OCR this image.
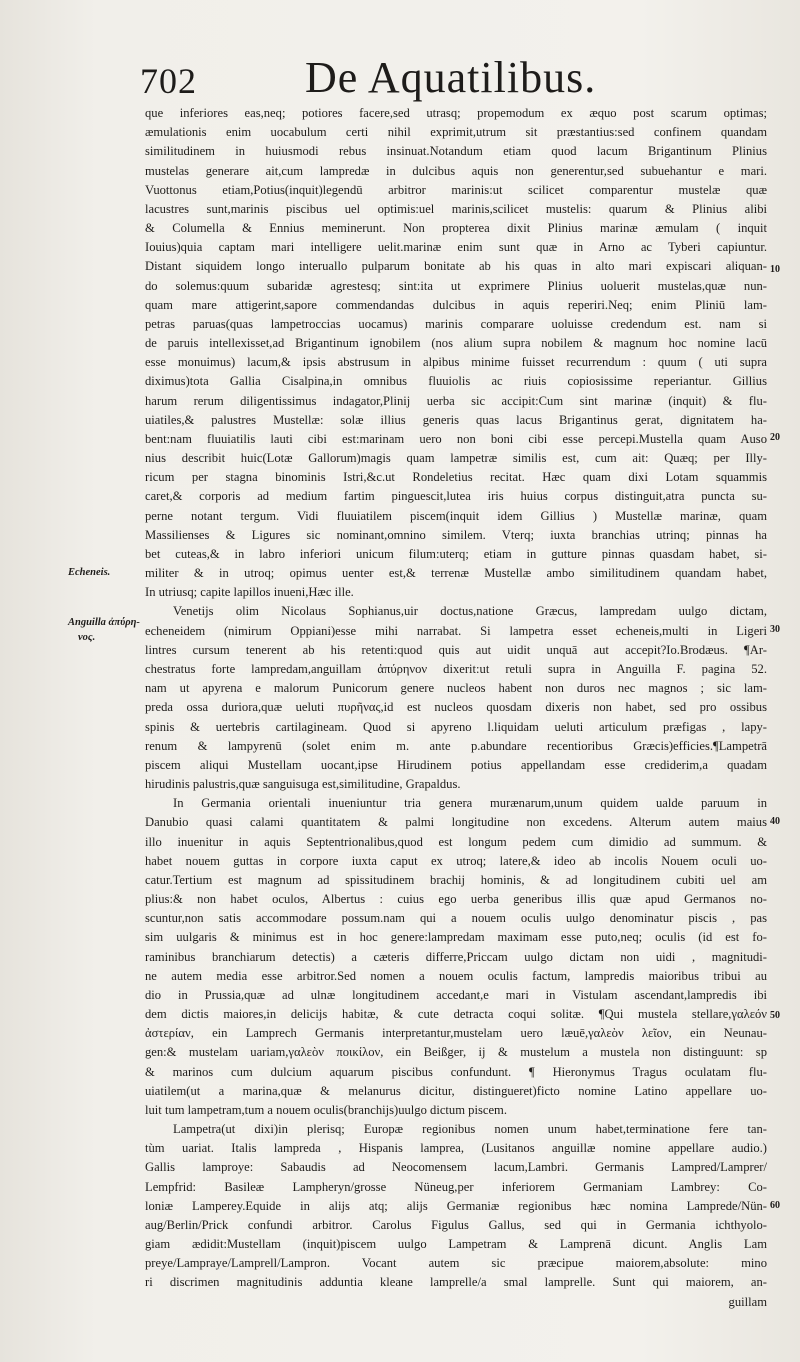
702 De Aquatilibus.
Echeneis.
Anguilla ἀπύρη-
νος.
10
20
30
40
50
60
que inferiores eas,neq; potiores facere,sed utrasq; propemodum ex æquo post scarum optimas;
æmulationis enim uocabulum certi nihil exprimit,utrum sit præstantius:sed confinem quandam
similitudinem in huiusmodi rebus insinuat.Notandum etiam quod lacum Brigantinum Plinius
mustelas generare ait,cum lampredæ in dulcibus aquis non generentur,sed subuehantur e mari.
Vuottonus etiam,Potius(inquit)legendū arbitror marinis:ut scilicet comparentur mustelæ quæ
lacustres sunt,marinis piscibus uel optimis:uel marinis,scilicet mustelis: quarum & Plinius alibi
& Columella & Ennius meminerunt. Non propterea dixit Plinius marinæ æmulam ( inquit
Iouius)quia captam mari intelligere uelit.marinæ enim sunt quæ in Arno ac Tyberi capiuntur.
Distant siquidem longo interuallo pulparum bonitate ab his quas in alto mari expiscari aliquan-
do solemus:quum subaridæ agrestesq; sint:ita ut exprimere Plinius uoluerit mustelas,quæ nun-
quam mare attigerint,sapore commendandas dulcibus in aquis reperiri.Neq; enim Pliniū lam-
petras paruas(quas lampetroccias uocamus) marinis comparare uoluisse credendum est. nam si
de paruis intellexisset,ad Brigantinum ignobilem (nos alium supra nobilem & magnum hoc nomine lacū
esse monuimus) lacum,& ipsis abstrusum in alpibus minime fuisset recurrendum : quum ( uti supra
diximus)tota Gallia Cisalpina,in omnibus fluuiolis ac riuis copiosissime reperiantur. Gillius
harum rerum diligentissimus indagator,Plinij uerba sic accipit:Cum sint marinæ (inquit) & flu-
uiatiles,& palustres Mustellæ: solæ illius generis quas lacus Brigantinus gerat, dignitatem ha-
bent:nam fluuiatilis lauti cibi est:marinam uero non boni cibi esse percepi.Mustella quam Auso
nius describit huic(Lotæ Gallorum)magis quam lampetræ similis est, cum ait: Quæq; per Illy-
ricum per stagna binominis Istri,&c.ut Rondeletius recitat. Hæc quam dixi Lotam squammis
caret,& corporis ad medium fartim pinguescit,lutea iris huius corpus distinguit,atra puncta su-
perne notant tergum. Vidi fluuiatilem piscem(inquit idem Gillius ) Mustellæ marinæ, quam
Massilienses & Ligures sic nominant,omnino similem. Vterq; iuxta branchias utrinq; pinnas ha
bet cuteas,& in labro inferiori unicum filum:uterq; etiam in gutture pinnas quasdam habet, si-
militer & in utroq; opimus uenter est,& terrenæ Mustellæ ambo similitudinem quandam habet,
In utriusq; capite lapillos inueni,Hæc ille.
Venetijs olim Nicolaus Sophianus,uir doctus,natione Græcus, lampredam uulgo dictam,
echeneidem (nimirum Oppiani)esse mihi narrabat. Si lampetra esset echeneis,multi in Ligeri
lintres cursum tenerent ab his retenti:quod quis aut uidit unquā aut accepit?Io.Brodæus. ¶Ar-
chestratus forte lampredam,anguillam ἀπύρηνον dixerit:ut retuli supra in Anguilla F. pagina 52.
nam ut apyrena e malorum Punicorum genere nucleos habent non duros nec magnos ; sic lam-
preda ossa duriora,quæ ueluti πυρῆνας,id est nucleos quosdam dixeris non habet, sed pro ossibus
spinis & uertebris cartilagineam. Quod si apyreno l.liquidam ueluti articulum præfigas , lapy-
renum & lampyrenū (solet enim m. ante p.abundare recentioribus Græcis)efficies.¶Lampetrā
piscem aliqui Mustellam uocant,ipse Hirudinem potius appellandam esse crediderim,a quadam
hirudinis palustris,quæ sanguisuga est,similitudine, Grapaldus.
In Germania orientali inueniuntur tria genera murænarum,unum quidem ualde paruum in
Danubio quasi calami quantitatem & palmi longitudine non excedens. Alterum autem maius
illo inuenitur in aquis Septentrionalibus,quod est longum pedem cum dimidio ad summum. &
habet nouem guttas in corpore iuxta caput ex utroq; latere,& ideo ab incolis Nouem oculi uo-
catur.Tertium est magnum ad spissitudinem brachij hominis, & ad longitudinem cubiti uel am
plius:& non habet oculos, Albertus : cuius ego uerba generibus illis quæ apud Germanos no-
scuntur,non satis accommodare possum.nam qui a nouem oculis uulgo denominatur piscis , pas
sim uulgaris & minimus est in hoc genere:lampredam maximam esse puto,neq; oculis (id est fo-
raminibus branchiarum detectis) a cæteris differre,Priccam uulgo dictam non uidi , magnitudi-
ne autem media esse arbitror.Sed nomen a nouem oculis factum, lampredis maioribus tribui au
dio in Prussia,quæ ad ulnæ longitudinem accedant,e mari in Vistulam ascendant,lampredis ibi
dem dictis maiores,in delicijs habitæ, & cute detracta coqui solitæ. ¶Qui mustela stellare,γαλεόν
ἀστερίαν, ein Lamprech Germanis interpretantur,mustelam uero læuē,γαλεὸν λεῖον, ein Neunau-
gen:& mustelam uariam,γαλεὸν ποικίλον, ein Beißger, ij & mustelum a mustela non distinguunt: sp
& marinos cum dulcium aquarum piscibus confundunt. ¶ Hieronymus Tragus oculatam flu-
uiatilem(ut a marina,quæ & melanurus dicitur, distingueret)ficto nomine Latino appellare uo-
luit tum lampetram,tum a nouem oculis(branchijs)uulgo dictum piscem.
Lampetra(ut dixi)in plerisq; Europæ regionibus nomen unum habet,terminatione fere tan-
tùm uariat. Italis lampreda , Hispanis lamprea, (Lusitanos anguillæ nomine appellare audio.)
Gallis lamproye: Sabaudis ad Neocomensem lacum,Lambri. Germanis Lampred/Lamprer/
Lempfrid: Basileæ Lampheryn/grosse Nüneug,per inferiorem Germaniam Lambrey: Co-
loniæ Lamperey.Equide in alijs atq; alijs Germaniæ regionibus hæc nomina Lamprede/Nün-
aug/Berlin/Prick confundi arbitror. Carolus Figulus Gallus, sed qui in Germania ichthyolo-
giam ædidit:Mustellam (inquit)piscem uulgo Lampetram & Lamprenā dicunt. Anglis Lam
preye/Lampraye/Lamprell/Lampron. Vocant autem sic præcipue maiorem,absolute: mino
ri discrimen magnitudinis adduntia kleane lamprelle/a smal lamprelle. Sunt qui maiorem, an-
guillam
